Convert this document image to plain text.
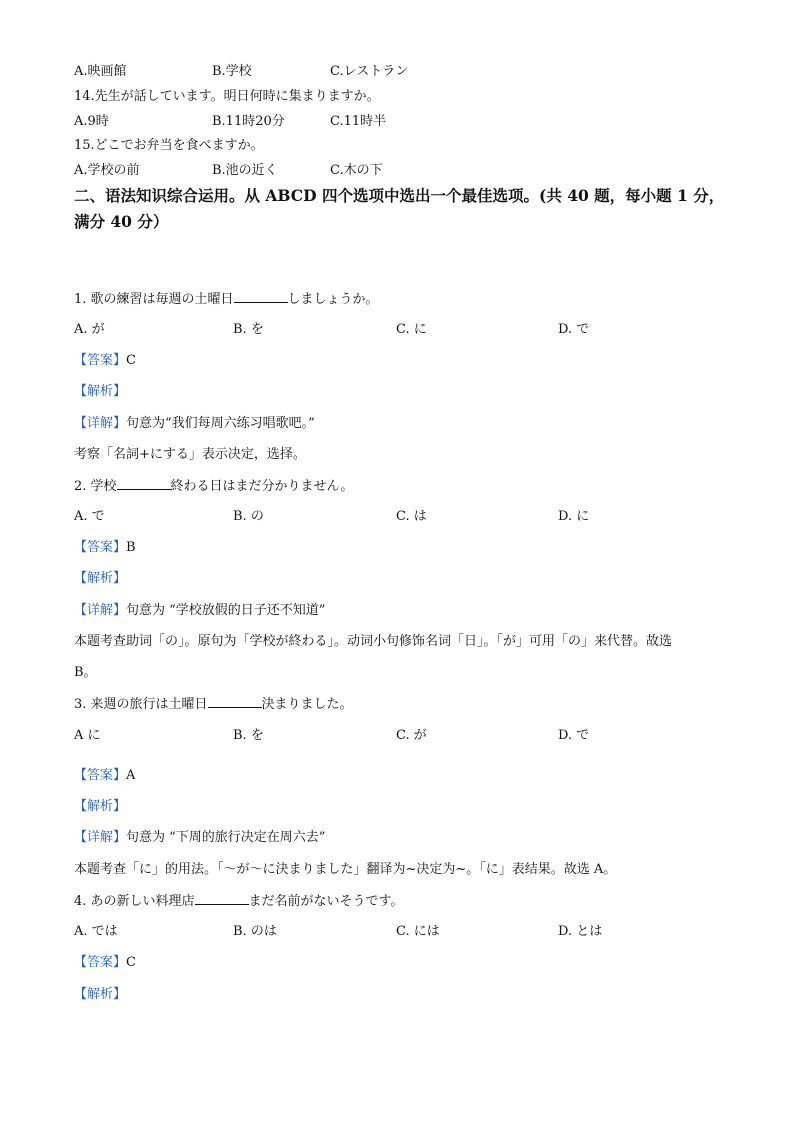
A.映画館	B.学校	C.レストラン
14.先生が話しています。明日何時に集まりますか。
A.9時	B.11時20分	C.11時半
15.どこでお弁当を食べますか。
A.学校の前	B.池の近く	C.木の下
二、语法知识综合运用。从 ABCD 四个选项中选出一个最佳选项。(共 40 题，每小题 1 分，
满分 40 分）
1. 歌の練習は毎週の土曜日	しましょうか。
A. が	B. を	C. に	D. で
【答案】C
【解析】
【详解】句意为“我们每周六练习唱歌吧。”
考察「名詞+にする」表示决定，选择。
2. 学校	終わる日はまだ分かりません。
A. で	B. の	C. は	D. に
【答案】B
【解析】
【详解】句意为 “学校放假的日子还不知道”
本题考查助词「の」。原句为「学校が終わる」。动词小句修饰名词「日」。「が」可用「の」来代替。故选
B。
3. 来週の旅行は土曜日	決まりました。
A に	B. を	C. が	D. で
【答案】A
【解析】
【详解】句意为 “下周的旅行决定在周六去”
本题考查「に」的用法。「～が～に決まりました」翻译为~决定为~。「に」表结果。故选 A。
4. あの新しい料理店	まだ名前がないそうです。
A. では	B. のは	C. には	D. とは
【答案】C
【解析】
